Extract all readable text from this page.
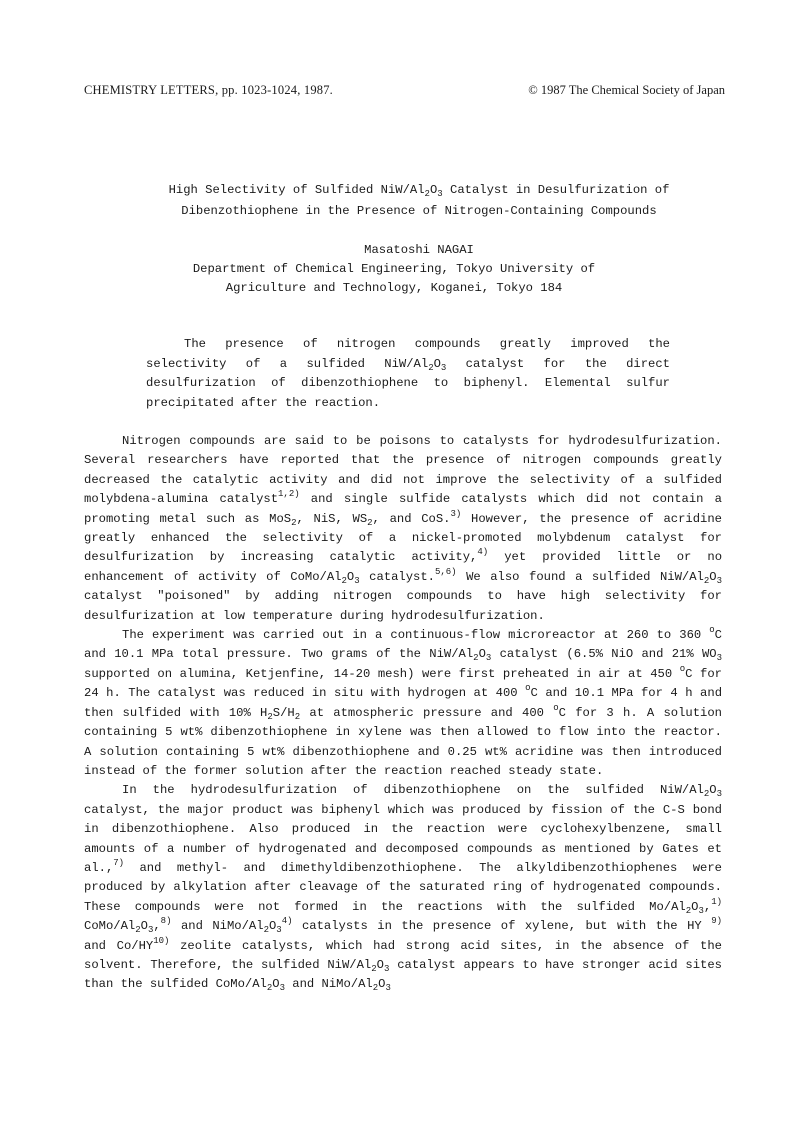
CHEMISTRY LETTERS, pp. 1023-1024, 1987.	© 1987 The Chemical Society of Japan
High Selectivity of Sulfided NiW/$Al_2O_3$ Catalyst in Desulfurization of
Dibenzothiophene in the Presence of Nitrogen-Containing Compounds
Masatoshi NAGAI
Department of Chemical Engineering, Tokyo University of
Agriculture and Technology, Koganei, Tokyo 184
The presence of nitrogen compounds greatly improved the selectivity of a sulfided NiW/$Al_2O_3$ catalyst for the direct desulfurization of dibenzothiophene to biphenyl. Elemental sulfur precipitated after the reaction.

Nitrogen compounds are said to be poisons to catalysts for hydrodesulfurization. Several researchers have reported that the presence of nitrogen compounds greatly decreased the catalytic activity and did not improve the selectivity of a sulfided molybdena-alumina catalyst$^{1,2)}$ and single sulfide catalysts which did not contain a promoting metal such as MoS$_2$, NiS, $WS_2$, and CoS.$^{3)}$ However, the presence of acridine greatly enhanced the selectivity of a nickel-promoted molybdenum catalyst for desulfurization by increasing catalytic activity,$^{4)}$ yet provided little or no enhancement of activity of CoMo/$Al_2O_3$ catalyst.$^{5,6)}$ We also found a sulfided NiW/$Al_2O_3$ catalyst "poisoned" by adding nitrogen compounds to have high selectivity for desulfurization at low temperature during hydrodesulfurization.

The experiment was carried out in a continuous-flow microreactor at 260 to 360 $^o$C and 10.1 MPa total pressure. Two grams of the NiW/$Al_2O_3$ catalyst (6.5% NiO and 21% $WO_3$ supported on alumina, Ketjenfine, 14-20 mesh) were first preheated in air at 450 $^o$C for 24 h. The catalyst was reduced in situ with hydrogen at 400 $^o$C and 10.1 MPa for 4 h and then sulfided with 10% $H_2S/H_2$ at atmospheric pressure and 400 $^o$C for 3 h. A solution containing 5 wt% dibenzothiophene in xylene was then allowed to flow into the reactor. A solution containing 5 wt% dibenzothiophene and 0.25 wt% acridine was then introduced instead of the former solution after the reaction reached steady state.

In the hydrodesulfurization of dibenzothiophene on the sulfided NiW/$Al_2O_3$ catalyst, the major product was biphenyl which was produced by fission of the C-S bond in dibenzothiophene. Also produced in the reaction were cyclohexylbenzene, small amounts of a number of hydrogenated and decomposed compounds as mentioned by Gates et al.,$^{7)}$ and methyl- and dimethyldibenzothiophene. The alkyldibenzothiophenes were produced by alkylation after cleavage of the saturated ring of hydrogenated compounds. These compounds were not formed in the reactions with the sulfided $Mo/Al_2O_3,^{1)}$ CoMo/$Al_2O_3,^{8)}$ and NiMo/$Al_2O_3^{4)}$ catalysts in the presence of xylene, but with the HY $^{9)}$ and Co/HY$^{10)}$ zeolite catalysts, which had strong acid sites, in the absence of the solvent. Therefore, the sulfided NiW/$Al_2O_3$ catalyst appears to have stronger acid sites than the sulfided CoMo/$Al_2O_3$ and NiMo/$Al_2O_3$
